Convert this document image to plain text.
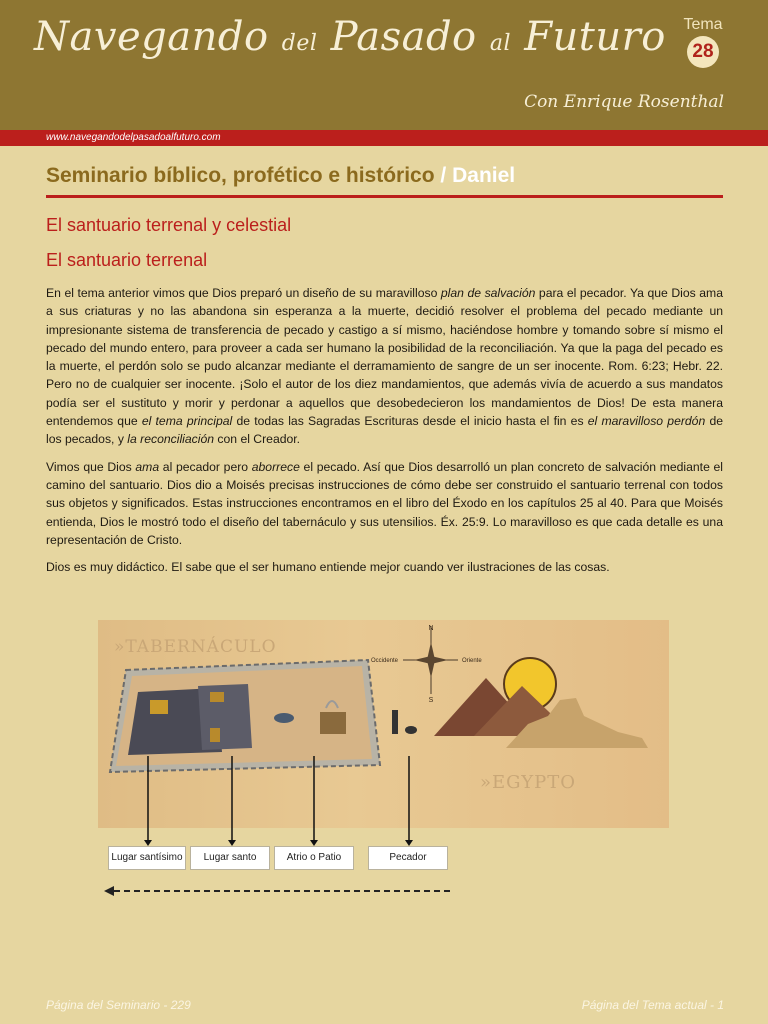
Navegando del Pasado al Futuro Tema
28
Con Enrique Rosenthal
www.navegandodelpasadoalfuturo.com
Seminario bíblico, profético e histórico / Daniel
El santuario terrenal y celestial
El santuario terrenal

En el tema anterior vimos que Dios preparó un diseño de su maravilloso plan de salvación para el pecador. Ya que Dios ama a sus criaturas y no las abandona sin esperanza a la muerte, decidió resolver el problema del pecado mediante un impresionante sistema de transferencia de pecado y castigo a sí mismo, haciéndose hombre y tomando sobre sí mismo el pecado del mundo entero, para proveer a cada ser humano la posibilidad de la reconciliación. Ya que la paga del pecado es la muerte, el perdón solo se pudo alcanzar mediante el derramamiento de sangre de un ser inocente. Rom. 6:23; Hebr. 22. Pero no de cualquier ser inocente. ¡Solo el autor de los diez mandamientos, que además vivía de acuerdo a sus mandatos podía ser el sustituto y morir y perdonar a aquellos que desobedecieron los mandamientos de Dios! De esta manera entendemos que el tema principal de todas las Sagradas Escrituras desde el inicio hasta el fin es el maravilloso perdón de los pecados, y la reconciliación con el Creador.

Vimos que Dios ama al pecador pero aborrece el pecado. Así que Dios desarrolló un plan concreto de salvación mediante el camino del santuario. Dios dio a Moisés precisas instrucciones de cómo debe ser construido el santuario terrenal con todos sus objetos y significados. Estas instrucciones encontramos en el libro del Éxodo en los capítulos 25 al 40. Para que Moisés entienda, Dios le mostró todo el diseño del tabernáculo y sus utensilios. Éx. 25:9. Lo maravilloso es que cada detalle es una representación de Cristo.

Dios es muy didáctico. El sabe que el ser humano entiende mejor cuando ver ilustraciones de las cosas.

»TABERNÁCULO
N
S
Occidente	Oriente
»EGYPTO
Lugar santísimo	Lugar santo	Atrio o Patio	Pecador
Página del Seminario - 229	Página del Tema actual - 1
